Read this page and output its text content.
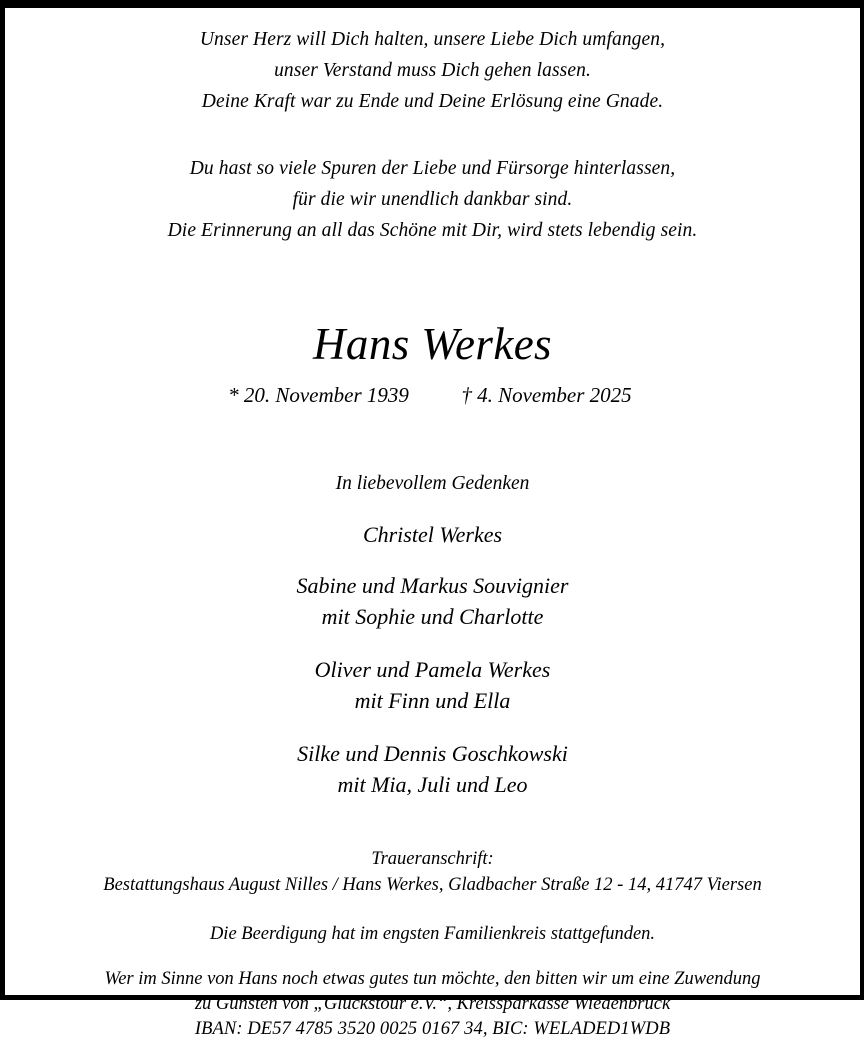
Unser Herz will Dich halten, unsere Liebe Dich umfangen,
unser Verstand muss Dich gehen lassen.
Deine Kraft war zu Ende und Deine Erlösung eine Gnade.
Du hast so viele Spuren der Liebe und Fürsorge hinterlassen,
für die wir unendlich dankbar sind.
Die Erinnerung an all das Schöne mit Dir, wird stets lebendig sein.
Hans Werkes
* 20. November 1939	† 4. November 2025
In liebevollem Gedenken
Christel Werkes
Sabine und Markus Souvignier
mit Sophie und Charlotte
Oliver und Pamela Werkes
mit Finn und Ella
Silke und Dennis Goschkowski
mit Mia, Juli und Leo
Traueranschrift:
Bestattungshaus August Nilles / Hans Werkes, Gladbacher Straße 12 - 14, 41747 Viersen
Die Beerdigung hat im engsten Familienkreis stattgefunden.
Wer im Sinne von Hans noch etwas gutes tun möchte, den bitten wir um eine Zuwendung
zu Gunsten von „Glückstour e.V.“, Kreissparkasse Wiedenbrück
IBAN: DE57 4785 3520 0025 0167 34, BIC: WELADED1WDB
